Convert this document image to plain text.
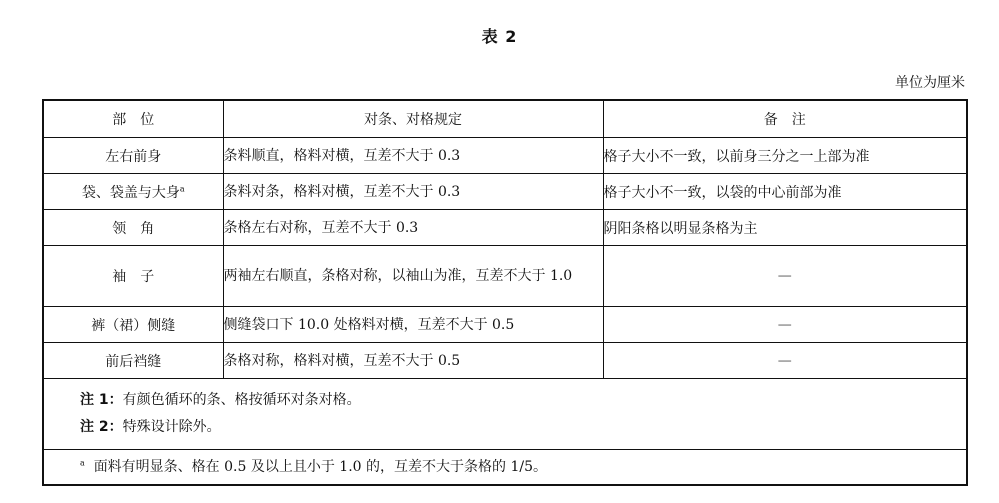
表 2
单位为厘米
部　位	对条、对格规定	备　注
左右前身	条料顺直，格料对横，互差不大于 0.3	格子大小不一致，以前身三分之一上部为准
袋、袋盖与大身$^a$	条料对条，格料对横，互差不大于 0.3	格子大小不一致，以袋的中心前部为准
领　角	条格左右对称，互差不大于 0.3	阴阳条格以明显条格为主
袖　子	两袖左右顺直，条格对称，以袖山为准，互差不大于 1.0	—
裤（裙）侧缝	侧缝袋口下 10.0 处格料对横，互差不大于 0.5	—
前后裆缝	条格对称，格料对横，互差不大于 0.5	—

注 1：有颜色循环的条、格按循环对条对格。
注 2：特殊设计除外。		

$^a$ 面料有明显条、格在 0.5 及以上且小于 1.0 的，互差不大于条格的 1/5。		
